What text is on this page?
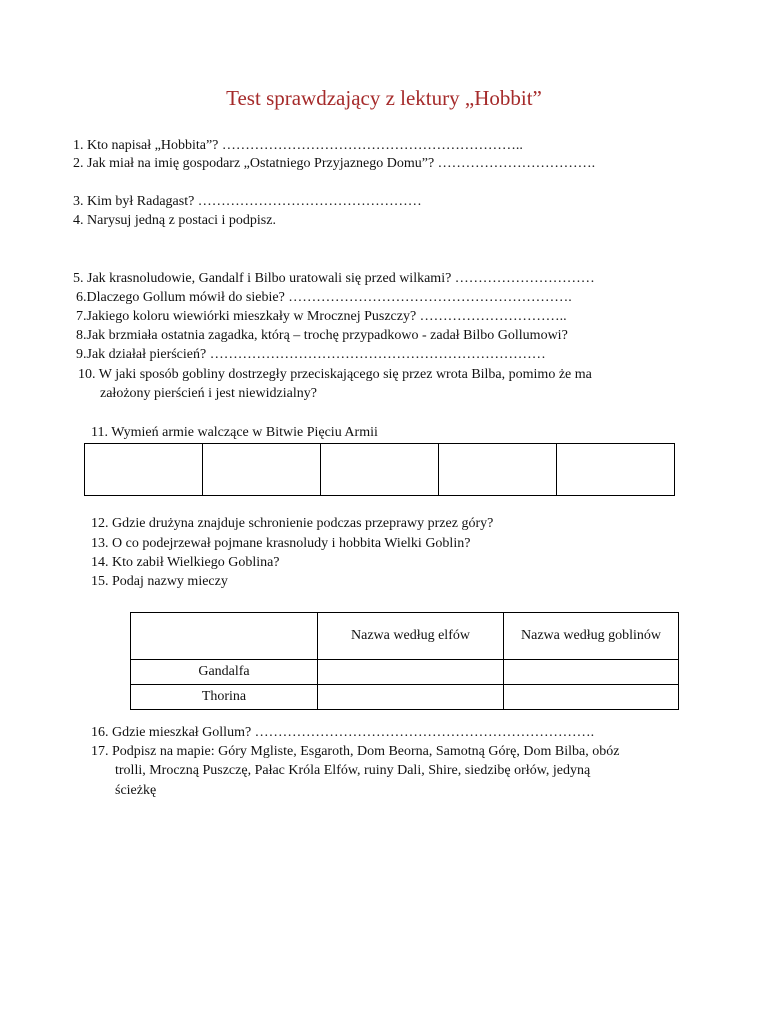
Test sprawdzający z lektury „Hobbit”
1. Kto napisał „Hobbita”? ………………………………………………………..
2. Jak miał na imię gospodarz „Ostatniego Przyjaznego Domu”? …………………………….
3. Kim był Radagast? …………………………………………
4. Narysuj jedną z postaci i podpisz.
5. Jak krasnoludowie, Gandalf i Bilbo uratowali się przed wilkami? …………………………
6.Dlaczego Gollum mówił do siebie? …………………………………………………….
7.Jakiego koloru wiewiórki mieszkały w Mrocznej Puszczy? …………………………..
8.Jak brzmiała ostatnia zagadka, którą – trochę przypadkowo - zadał Bilbo Gollumowi?
9.Jak działał pierścień? ………………………………………………………………
10. W jaki sposób gobliny dostrzegły przeciskającego się przez wrota Bilba, pomimo że ma
założony pierścień i jest niewidzialny?
11. Wymień armie walczące w Bitwie Pięciu Armii

12. Gdzie drużyna znajduje schronienie podczas przeprawy przez góry?
13. O co podejrzewał pojmane krasnoludy i hobbita Wielki Goblin?
14. Kto zabił Wielkiego Goblina?
15. Podaj nazwy mieczy
	Nazwa według elfów	Nazwa według goblinów
Gandalfa		
Thorina		
16. Gdzie mieszkał Gollum? ……………………………………………………………….
17. Podpisz na mapie: Góry Mgliste, Esgaroth, Dom Beorna, Samotną Górę, Dom Bilba, obóz
trolli, Mroczną Puszczę, Pałac Króla Elfów, ruiny Dali, Shire, siedzibę orłów, jedyną
ścieżkę
